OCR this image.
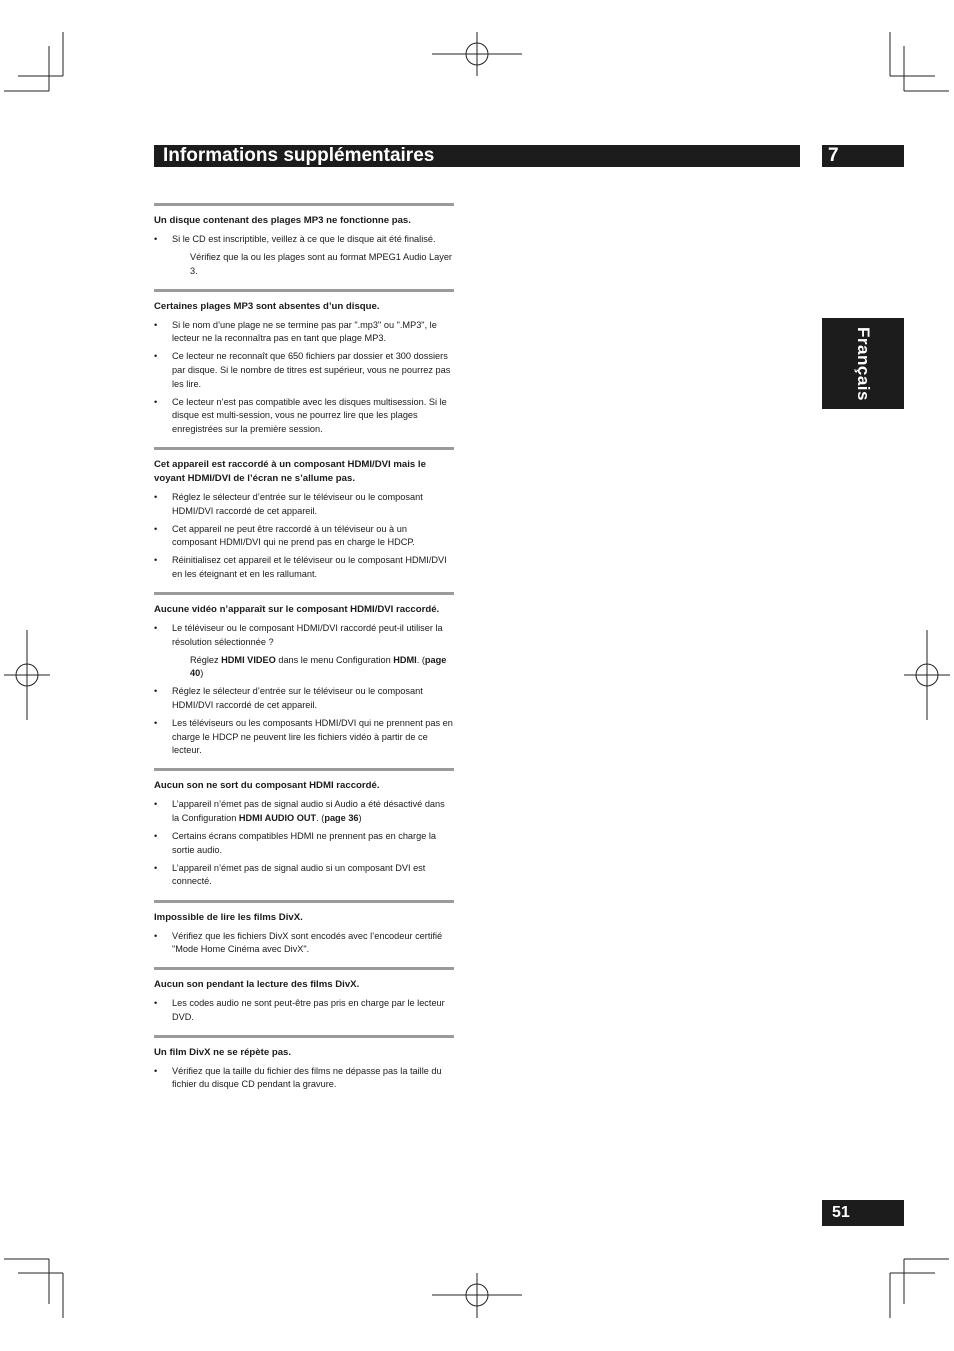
Informations supplémentaires	7
Français
51
Un disque contenant des plages MP3 ne fonctionne pas.
• Si le CD est inscriptible, veillez à ce que le disque ait été finalisé.
Vérifiez que la ou les plages sont au format MPEG1 Audio Layer 3.
Certaines plages MP3 sont absentes d’un disque.
• Si le nom d’une plage ne se termine pas par ".mp3" ou ".MP3", le lecteur ne la reconnaîtra pas en tant que plage MP3.
• Ce lecteur ne reconnaît que 650 fichiers par dossier et 300 dossiers par disque. Si le nombre de titres est supérieur, vous ne pourrez pas les lire.
• Ce lecteur n’est pas compatible avec les disques multisession. Si le disque est multi-session, vous ne pourrez lire que les plages enregistrées sur la première session.
Cet appareil est raccordé à un composant HDMI/DVI mais le voyant HDMI/DVI de l’écran ne s’allume pas.
• Réglez le sélecteur d’entrée sur le téléviseur ou le composant HDMI/DVI raccordé de cet appareil.
• Cet appareil ne peut être raccordé à un téléviseur ou à un composant HDMI/DVI qui ne prend pas en charge le HDCP.
• Réinitialisez cet appareil et le téléviseur ou le composant HDMI/DVI en les éteignant et en les rallumant.
Aucune vidéo n’apparaît sur le composant HDMI/DVI raccordé.
• Le téléviseur ou le composant HDMI/DVI raccordé peut-il utiliser la résolution sélectionnée ?
Réglez HDMI VIDEO dans le menu Configuration HDMI. (page 40)
• Réglez le sélecteur d’entrée sur le téléviseur ou le composant HDMI/DVI raccordé de cet appareil.
• Les téléviseurs ou les composants HDMI/DVI qui ne prennent pas en charge le HDCP ne peuvent lire les fichiers vidéo à partir de ce lecteur.
Aucun son ne sort du composant HDMI raccordé.
• L’appareil n’émet pas de signal audio si Audio a été désactivé dans la Configuration HDMI AUDIO OUT. (page 36)
• Certains écrans compatibles HDMI ne prennent pas en charge la sortie audio.
• L’appareil n’émet pas de signal audio si un composant DVI est connecté.
Impossible de lire les films DivX.
• Vérifiez que les fichiers DivX sont encodés avec l’encodeur certifié "Mode Home Cinéma avec DivX".
Aucun son pendant la lecture des films DivX.
• Les codes audio ne sont peut-être pas pris en charge par le lecteur DVD.
Un film DivX ne se répète pas.
• Vérifiez que la taille du fichier des films ne dépasse pas la taille du fichier du disque CD pendant la gravure.
